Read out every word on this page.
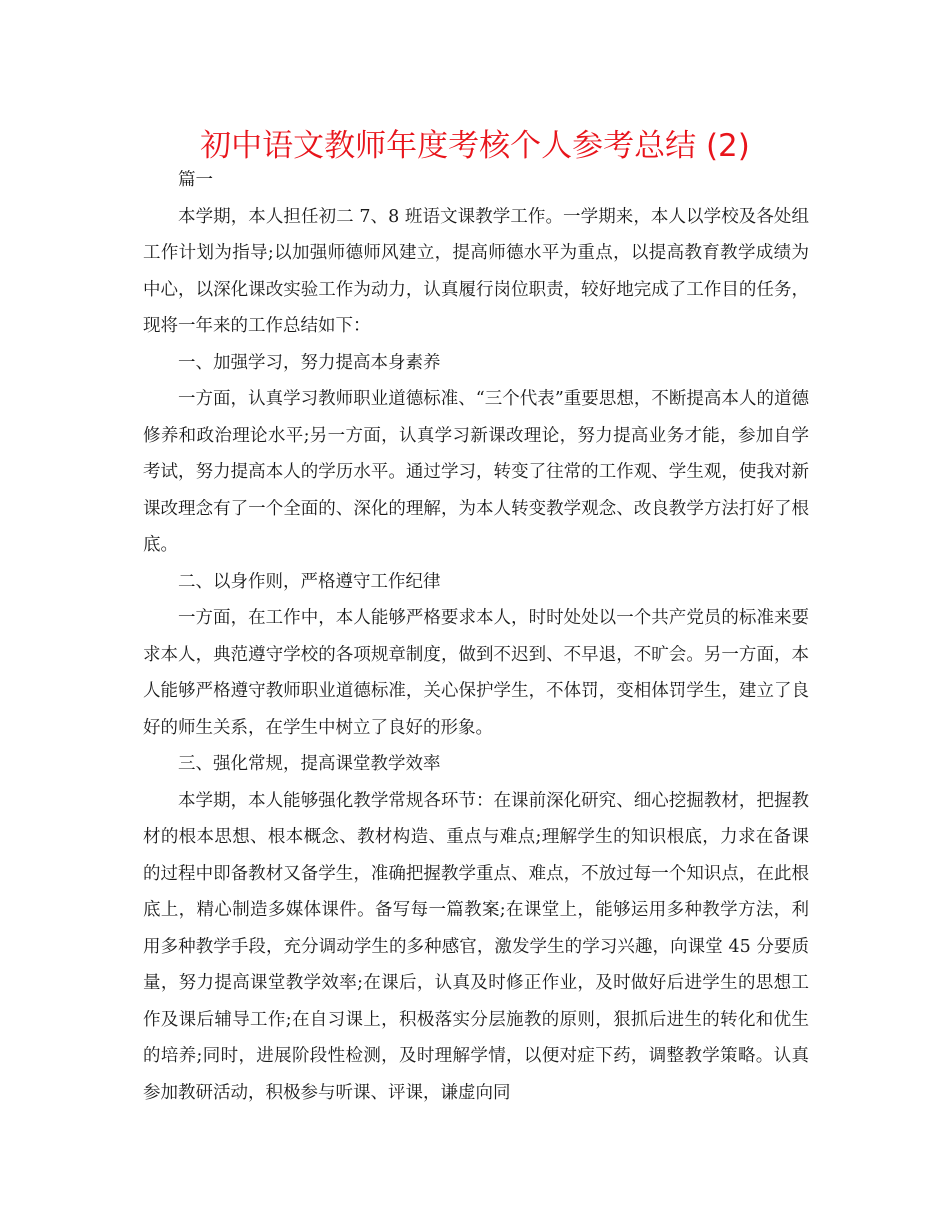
初中语文教师年度考核个人参考总结 (2)

篇一

本学期，本人担任初二 7、8 班语文课教学工作。一学期来，本人以学校及各处组工作计划为指导;以加强师德师风建立，提高师德水平为重点，以提高教育教学成绩为中心，以深化课改实验工作为动力，认真履行岗位职责，较好地完成了工作目的任务，现将一年来的工作总结如下：

一、加强学习，努力提高本身素养

一方面，认真学习教师职业道德标准、“三个代表”重要思想，不断提高本人的道德修养和政治理论水平;另一方面，认真学习新课改理论，努力提高业务才能，参加自学考试，努力提高本人的学历水平。通过学习，转变了往常的工作观、学生观，使我对新课改理念有了一个全面的、深化的理解，为本人转变教学观念、改良教学方法打好了根底。

二、以身作则，严格遵守工作纪律

一方面，在工作中，本人能够严格要求本人，时时处处以一个共产党员的标准来要求本人，典范遵守学校的各项规章制度，做到不迟到、不早退，不旷会。另一方面，本人能够严格遵守教师职业道德标准，关心保护学生，不体罚，变相体罚学生，建立了良好的师生关系，在学生中树立了良好的形象。

三、强化常规，提高课堂教学效率

本学期，本人能够强化教学常规各环节：在课前深化研究、细心挖掘教材，把握教材的根本思想、根本概念、教材构造、重点与难点;理解学生的知识根底，力求在备课的过程中即备教材又备学生，准确把握教学重点、难点，不放过每一个知识点，在此根底上，精心制造多媒体课件。备写每一篇教案;在课堂上，能够运用多种教学方法，利用多种教学手段，充分调动学生的多种感官，激发学生的学习兴趣，向课堂 45 分要质量，努力提高课堂教学效率;在课后，认真及时修正作业，及时做好后进学生的思想工作及课后辅导工作;在自习课上，积极落实分层施教的原则，狠抓后进生的转化和优生的培养;同时，进展阶段性检测，及时理解学情，以便对症下药，调整教学策略。认真参加教研活动，积极参与听课、评课，谦虚向同
